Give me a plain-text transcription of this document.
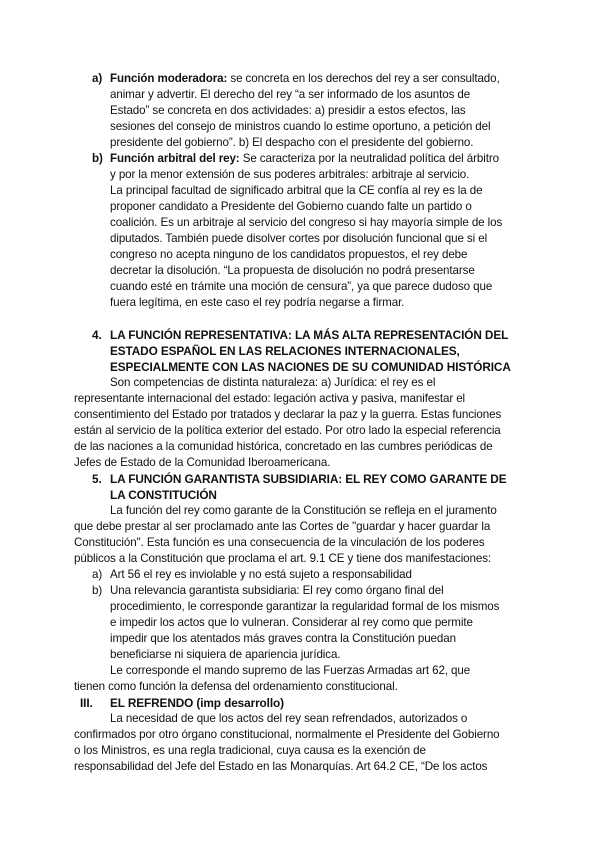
a) Función moderadora: se concreta en los derechos del rey a ser consultado,
animar y advertir. El derecho del rey “a ser informado de los asuntos de
Estado” se concreta en dos actividades: a) presidir a estos efectos, las
sesiones del consejo de ministros cuando lo estime oportuno, a petición del
presidente del gobierno”. b) El despacho con el presidente del gobierno.
b) Función arbitral del rey: Se caracteriza por la neutralidad política del árbitro
y por la menor extensión de sus poderes arbitrales: arbitraje al servicio.
La principal facultad de significado arbitral que la CE confía al rey es la de
proponer candidato a Presidente del Gobierno cuando falte un partido o
coalición. Es un arbitraje al servicio del congreso si hay mayoría simple de los
diputados. También puede disolver cortes por disolución funcional que si el
congreso no acepta ninguno de los candidatos propuestos, el rey debe
decretar la disolución. “La propuesta de disolución no podrá presentarse
cuando esté en trámite una moción de censura”, ya que parece dudoso que
fuera legítima, en este caso el rey podría negarse a firmar.
4. LA FUNCIÓN REPRESENTATIVA: LA MÁS ALTA REPRESENTACIÓN DEL
ESTADO ESPAÑOL EN LAS RELACIONES INTERNACIONALES,
ESPECIALMENTE CON LAS NACIONES DE SU COMUNIDAD HISTÓRICA
Son competencias de distinta naturaleza: a) Jurídica: el rey es el
representante internacional del estado: legación activa y pasiva, manifestar el
consentimiento del Estado por tratados y declarar la paz y la guerra. Estas funciones
están al servicio de la política exterior del estado. Por otro lado la especial referencia
de las naciones a la comunidad histórica, concretado en las cumbres periódicas de
Jefes de Estado de la Comunidad Iberoamericana.
5. LA FUNCIÓN GARANTISTA SUBSIDIARIA: EL REY COMO GARANTE DE
LA CONSTITUCIÓN
La función del rey como garante de la Constitución se refleja en el juramento
que debe prestar al ser proclamado ante las Cortes de "guardar y hacer guardar la
Constitución". Esta función es una consecuencia de la vinculación de los poderes
públicos a la Constitución que proclama el art. 9.1 CE y tiene dos manifestaciones:
a) Art 56 el rey es inviolable y no está sujeto a responsabilidad
b) Una relevancia garantista subsidiaria: El rey como órgano final del
procedimiento, le corresponde garantizar la regularidad formal de los mismos
e impedir los actos que lo vulneran. Considerar al rey como que permite
impedir que los atentados más graves contra la Constitución puedan
beneficiarse ni siquiera de apariencia jurídica.
Le corresponde el mando supremo de las Fuerzas Armadas art 62, que
tienen como función la defensa del ordenamiento constitucional.
III. EL REFRENDO (imp desarrollo)
La necesidad de que los actos del rey sean refrendados, autorizados o
confirmados por otro órgano constitucional, normalmente el Presidente del Gobierno
o los Ministros, es una regla tradicional, cuya causa es la exención de
responsabilidad del Jefe del Estado en las Monarquías. Art 64.2 CE, “De los actos
